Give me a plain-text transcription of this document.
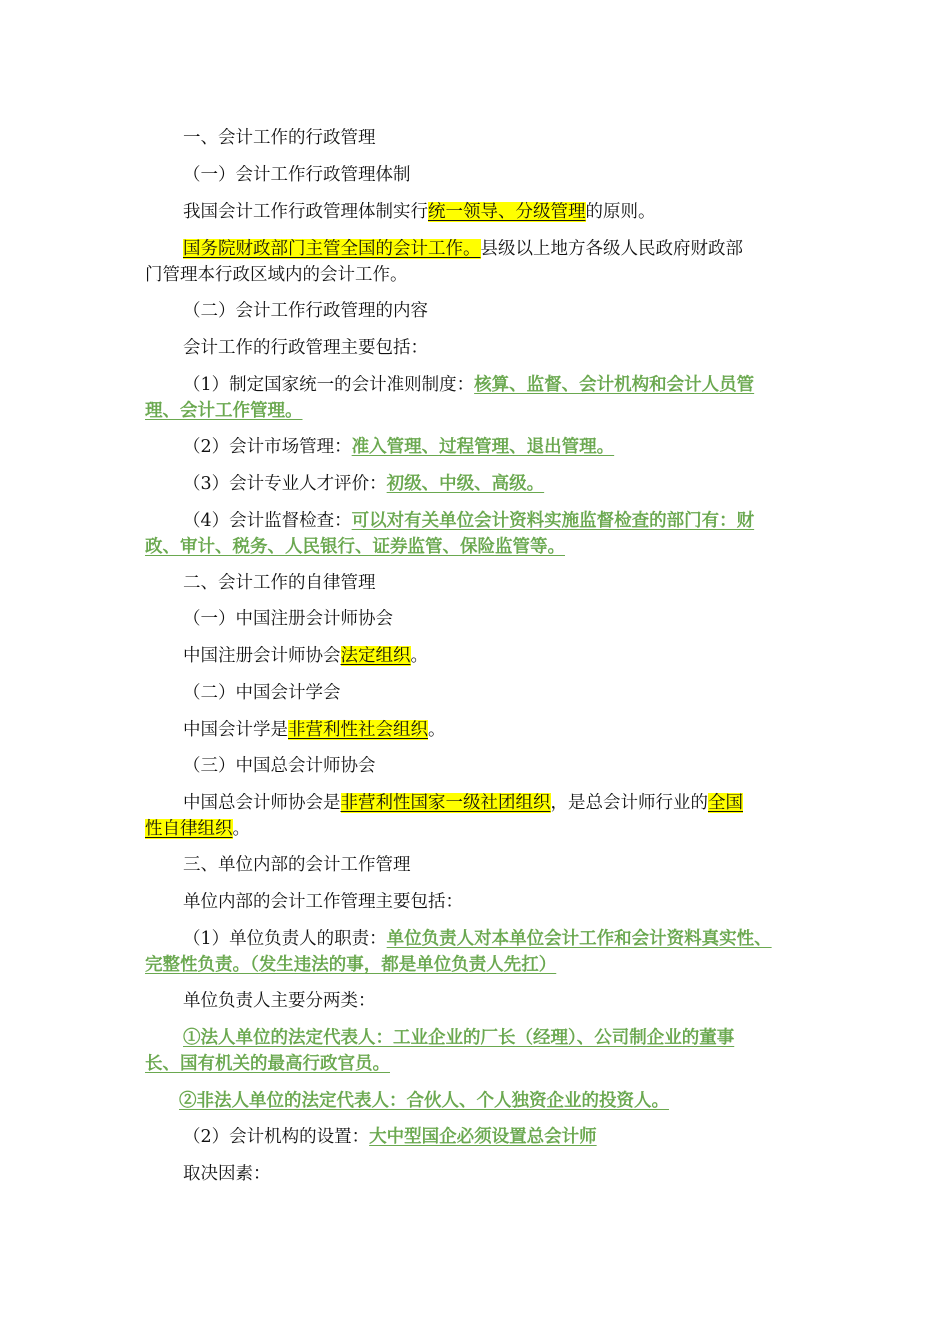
一、会计工作的行政管理
（一）会计工作行政管理体制
我国会计工作行政管理体制实行统一领导、分级管理的原则。
国务院财政部门主管全国的会计工作。县级以上地方各级人民政府财政部
门管理本行政区域内的会计工作。
（二）会计工作行政管理的内容
会计工作的行政管理主要包括：
（1）制定国家统一的会计准则制度：核算、监督、会计机构和会计人员管
理、会计工作管理。
（2）会计市场管理：准入管理、过程管理、退出管理。
（3）会计专业人才评价：初级、中级、高级。
（4）会计监督检查：可以对有关单位会计资料实施监督检查的部门有：财
政、审计、税务、人民银行、证券监管、保险监管等。
二、会计工作的自律管理
（一）中国注册会计师协会
中国注册会计师协会法定组织。
（二）中国会计学会
中国会计学是非营利性社会组织。
（三）中国总会计师协会
中国总会计师协会是非营利性国家一级社团组织，是总会计师行业的全国
性自律组织。
三、单位内部的会计工作管理
单位内部的会计工作管理主要包括：
（1）单位负责人的职责：单位负责人对本单位会计工作和会计资料真实性、
完整性负责。（发生违法的事，都是单位负责人先扛）
单位负责人主要分两类：
①法人单位的法定代表人：工业企业的厂长（经理）、公司制企业的董事
长、国有机关的最高行政官员。
②非法人单位的法定代表人：合伙人、个人独资企业的投资人。
（2）会计机构的设置：大中型国企必须设置总会计师
取决因素：
